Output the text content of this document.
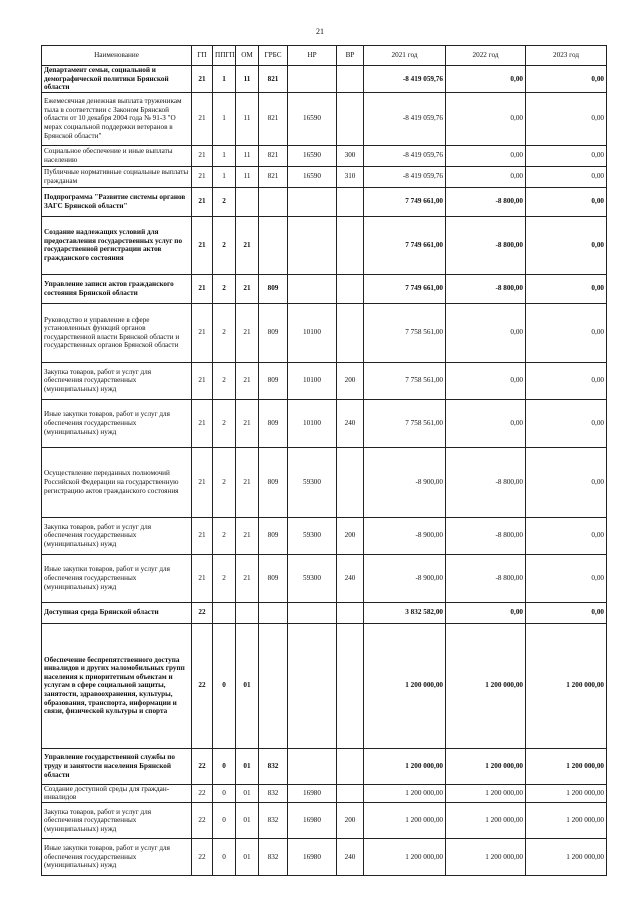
21
Наименование	ГП	ППГП	ОМ	ГРБС	НР	ВР	2021 год	2022 год	2023 год
Департамент семьи, социальной и демографической политики Брянской области	21	1	11	821			-8 419 059,76	0,00	0,00
Ежемесячная денежная выплата труженикам тыла в соответствии с Законом Брянской области от 10 декабря 2004 года № 91-З "О мерах социальной поддержки ветеранов в Брянской области"	21	1	11	821	16590		-8 419 059,76	0,00	0,00
Социальное обеспечение и иные выплаты населению	21	1	11	821	16590	300	-8 419 059,76	0,00	0,00
Публичные нормативные социальные выплаты гражданам	21	1	11	821	16590	310	-8 419 059,76	0,00	0,00
Подпрограмма "Развитие системы органов ЗАГС Брянской области"	21	2					7 749 661,00	-8 800,00	0,00
Создание надлежащих условий для предоставления государственных услуг по государственной регистрации актов гражданского состояния	21	2	21				7 749 661,00	-8 800,00	0,00
Управление записи актов гражданского состояния Брянской области	21	2	21	809			7 749 661,00	-8 800,00	0,00
Руководство и управление в сфере установленных функций органов государственной власти Брянской области и государственных органов Брянской области	21	2	21	809	10100		7 758 561,00	0,00	0,00
Закупка товаров, работ и услуг для обеспечения государственных (муниципальных) нужд	21	2	21	809	10100	200	7 758 561,00	0,00	0,00
Иные закупки товаров, работ и услуг для обеспечения государственных (муниципальных) нужд	21	2	21	809	10100	240	7 758 561,00	0,00	0,00
Осуществление переданных полномочий Российской Федерации на государственную регистрацию актов гражданского состояния	21	2	21	809	59300		-8 900,00	-8 800,00	0,00
Закупка товаров, работ и услуг для обеспечения государственных (муниципальных) нужд	21	2	21	809	59300	200	-8 900,00	-8 800,00	0,00
Иные закупки товаров, работ и услуг для обеспечения государственных (муниципальных) нужд	21	2	21	809	59300	240	-8 900,00	-8 800,00	0,00
Доступная среда Брянской области	22						3 832 582,00	0,00	0,00
Обеспечение беспрепятственного доступа инвалидов и других маломобильных групп населения к приоритетным объектам и услугам в сфере социальной защиты, занятости, здравоохранения, культуры, образования, транспорта, информации и связи, физической культуры и спорта	22	0	01				1 200 000,00	1 200 000,00	1 200 000,00
Управление государственной службы по труду и занятости населения Брянской области	22	0	01	832			1 200 000,00	1 200 000,00	1 200 000,00
Создание доступной среды для граждан-инвалидов	22	0	01	832	16980		1 200 000,00	1 200 000,00	1 200 000,00
Закупка товаров, работ и услуг для обеспечения государственных (муниципальных) нужд	22	0	01	832	16980	200	1 200 000,00	1 200 000,00	1 200 000,00
Иные закупки товаров, работ и услуг для обеспечения государственных (муниципальных) нужд	22	0	01	832	16980	240	1 200 000,00	1 200 000,00	1 200 000,00
